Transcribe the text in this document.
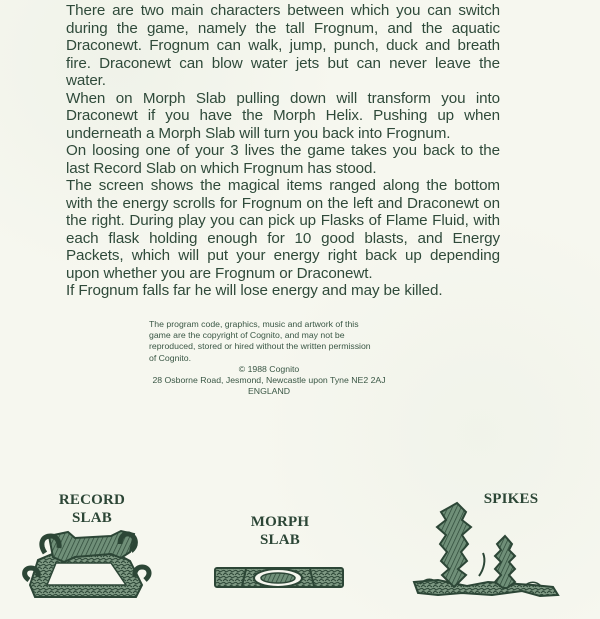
There are two main characters between which you can switch during the game, namely the tall Frognum, and the aquatic Draconewt. Frognum can walk, jump, punch, duck and breath fire. Draconewt can blow water jets but can never leave the water.

When on Morph Slab pulling down will transform you into Draconewt if you have the Morph Helix. Pushing up when underneath a Morph Slab will turn you back into Frognum.

On loosing one of your 3 lives the game takes you back to the last Record Slab on which Frognum has stood.

The screen shows the magical items ranged along the bottom with the energy scrolls for Frognum on the left and Draconewt on the right. During play you can pick up Flasks of Flame Fluid, with each flask holding enough for 10 good blasts, and Energy Packets, which will put your energy right back up depending upon whether you are Frognum or Draconewt.

If Frognum falls far he will lose energy and may be killed.

The program code, graphics, music and artwork of this
game are the copyright of Cognito, and may not be
reproduced, stored or hired without the written permission
of Cognito.
© 1988 Cognito
28 Osborne Road, Jesmond, Newcastle upon Tyne NE2 2AJ
ENGLAND
RECORD
SLAB	MORPH
SLAB
SPIKES
